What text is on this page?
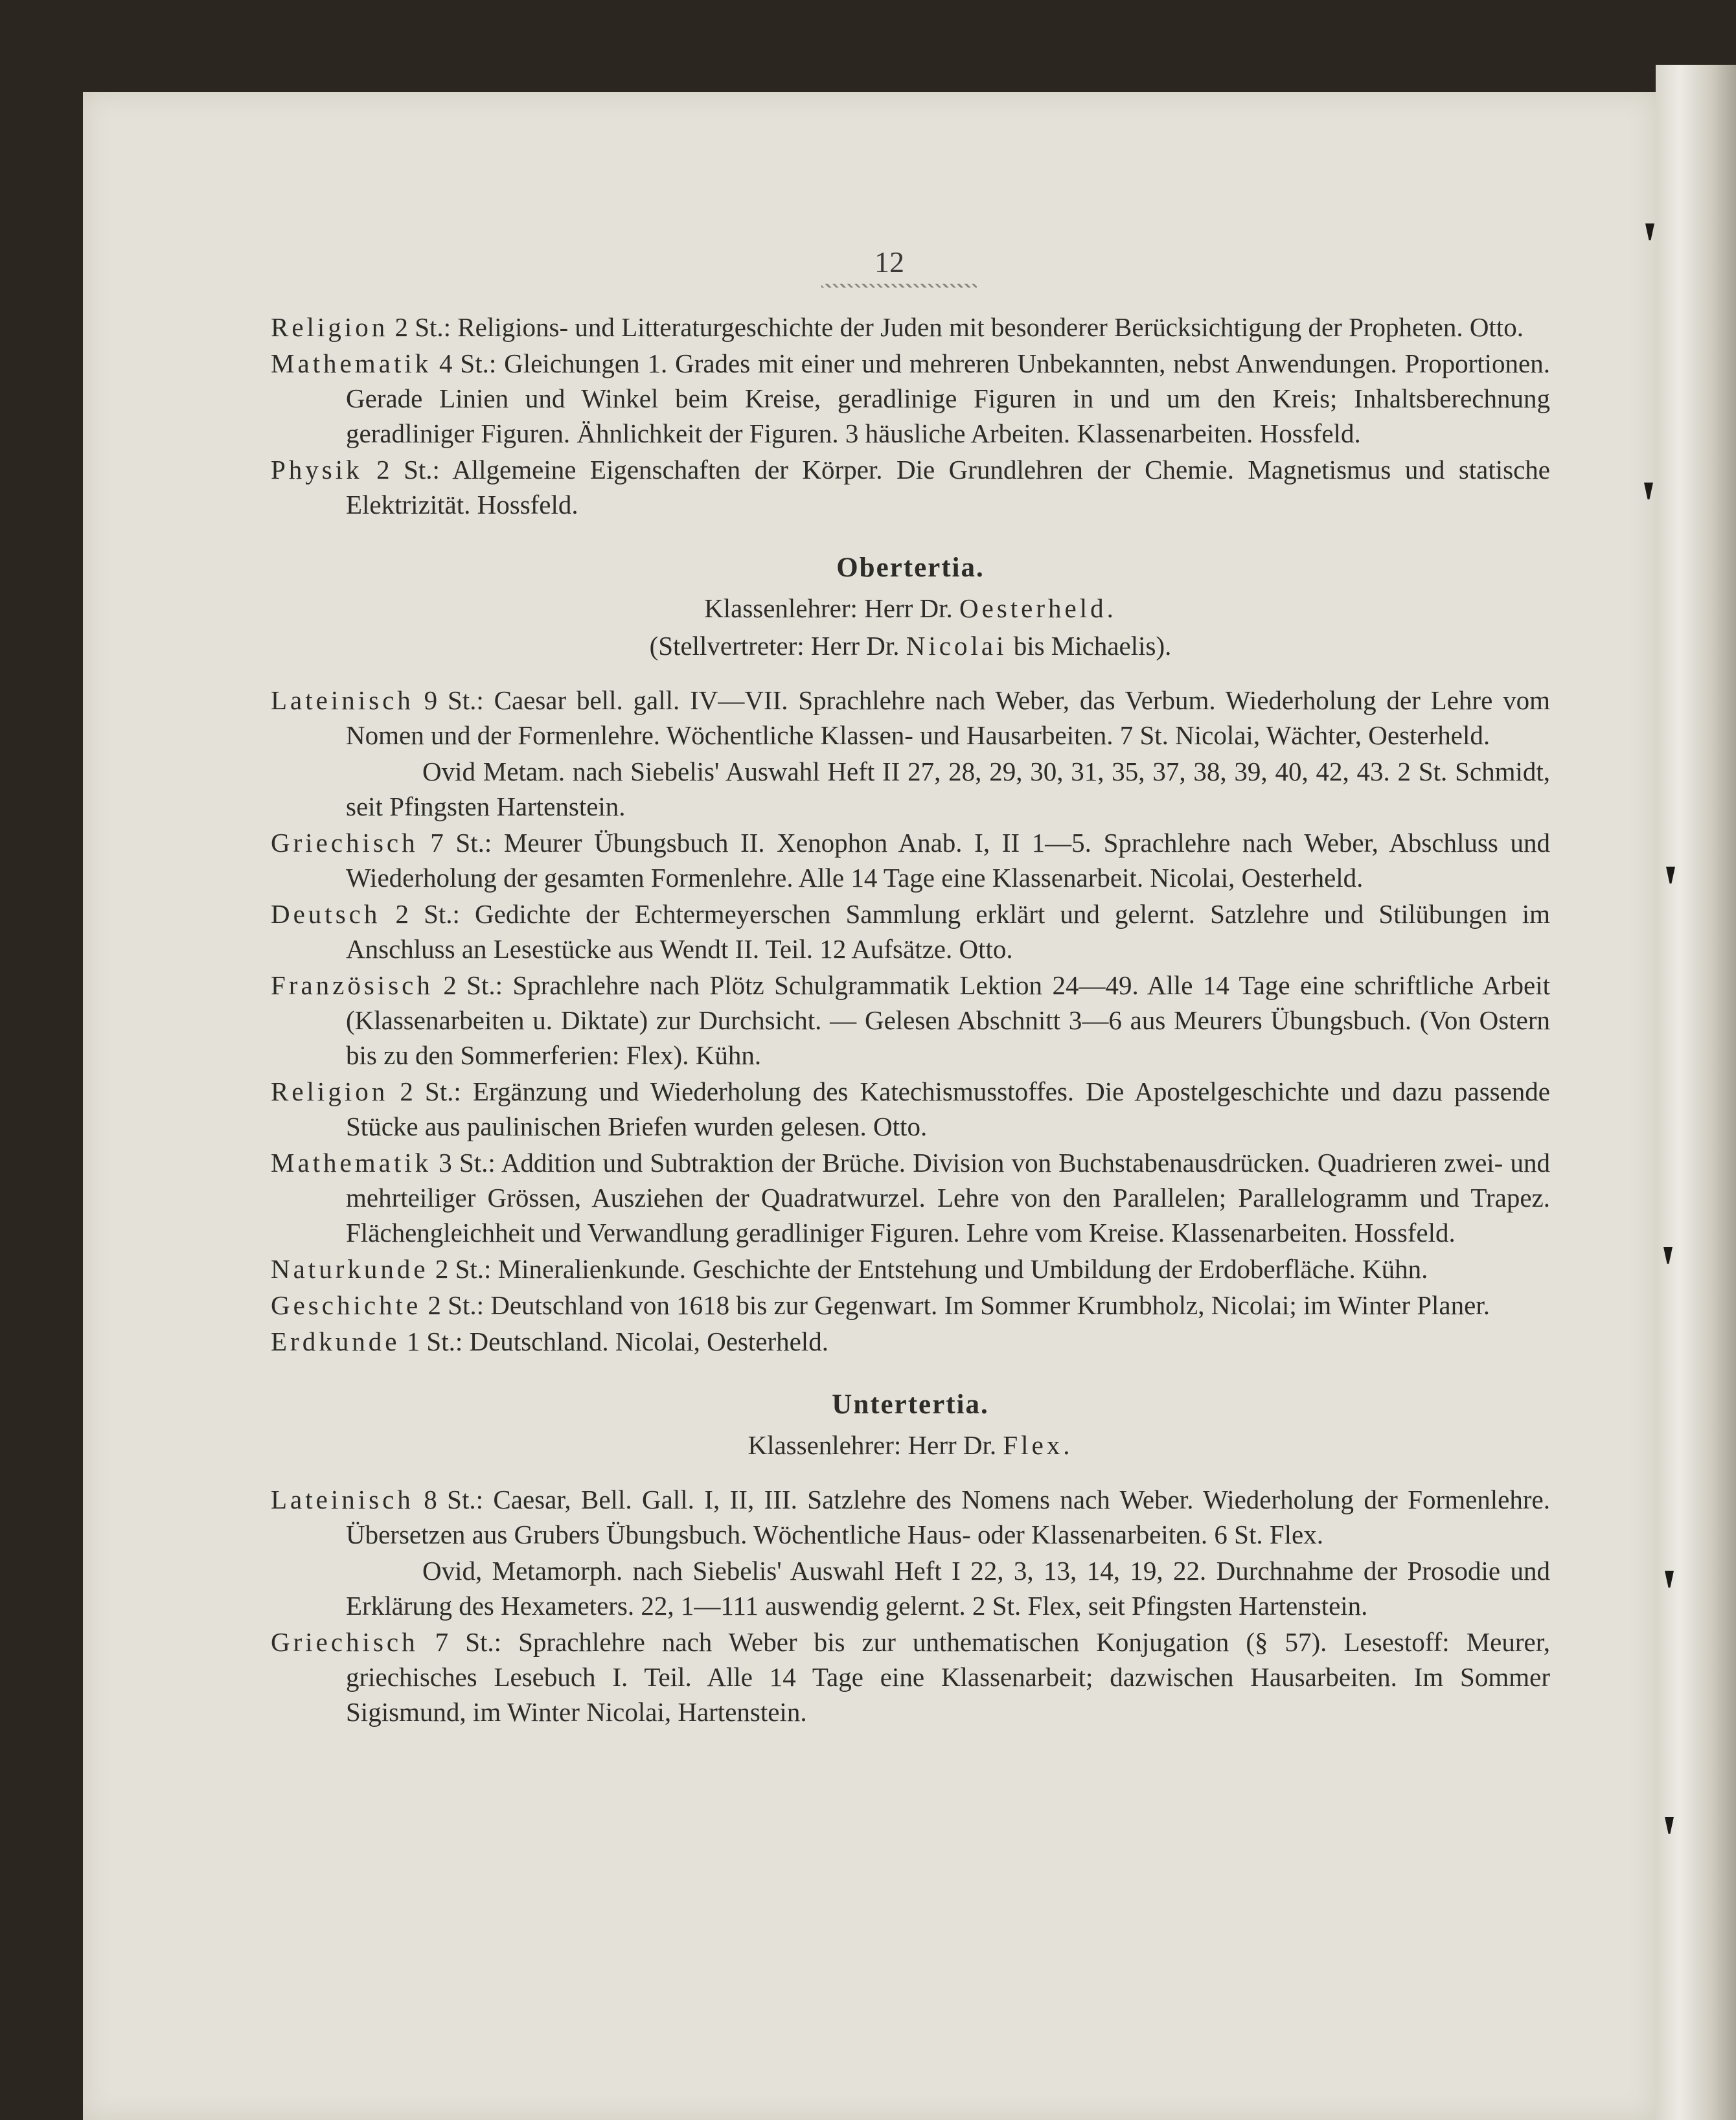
12

Religion 2 St.: Religions- und Litteraturgeschichte der Juden mit besonderer Berücksichtigung der Propheten. Otto.

Mathematik 4 St.: Gleichungen 1. Grades mit einer und mehreren Unbekannten, nebst Anwendungen. Proportionen. Gerade Linien und Winkel beim Kreise, geradlinige Figuren in und um den Kreis; Inhaltsberechnung geradliniger Figuren. Ähnlichkeit der Figuren. 3 häusliche Arbeiten. Klassenarbeiten. Hossfeld.

Physik 2 St.: Allgemeine Eigenschaften der Körper. Die Grundlehren der Chemie. Magnetismus und statische Elektrizität. Hossfeld.

Obertertia.

Klassenlehrer: Herr Dr. Oesterheld.

(Stellvertreter: Herr Dr. Nicolai bis Michaelis).

Lateinisch 9 St.: Caesar bell. gall. IV—VII. Sprachlehre nach Weber, das Verbum. Wiederholung der Lehre vom Nomen und der Formenlehre. Wöchentliche Klassen- und Hausarbeiten. 7 St. Nicolai, Wächter, Oesterheld.

Ovid Metam. nach Siebelis' Auswahl Heft II 27, 28, 29, 30, 31, 35, 37, 38, 39, 40, 42, 43. 2 St. Schmidt, seit Pfingsten Hartenstein.

Griechisch 7 St.: Meurer Übungsbuch II. Xenophon Anab. I, II 1—5. Sprachlehre nach Weber, Abschluss und Wiederholung der gesamten Formenlehre. Alle 14 Tage eine Klassenarbeit. Nicolai, Oesterheld.

Deutsch 2 St.: Gedichte der Echtermeyerschen Sammlung erklärt und gelernt. Satzlehre und Stilübungen im Anschluss an Lesestücke aus Wendt II. Teil. 12 Aufsätze. Otto.

Französisch 2 St.: Sprachlehre nach Plötz Schulgrammatik Lektion 24—49. Alle 14 Tage eine schriftliche Arbeit (Klassenarbeiten u. Diktate) zur Durchsicht. — Gelesen Abschnitt 3—6 aus Meurers Übungsbuch. (Von Ostern bis zu den Sommerferien: Flex). Kühn.

Religion 2 St.: Ergänzung und Wiederholung des Katechismusstoffes. Die Apostelgeschichte und dazu passende Stücke aus paulinischen Briefen wurden gelesen. Otto.

Mathematik 3 St.: Addition und Subtraktion der Brüche. Division von Buchstabenausdrücken. Quadrieren zwei- und mehrteiliger Grössen, Ausziehen der Quadratwurzel. Lehre von den Parallelen; Parallelogramm und Trapez. Flächengleichheit und Verwandlung geradliniger Figuren. Lehre vom Kreise. Klassenarbeiten. Hossfeld.

Naturkunde 2 St.: Mineralienkunde. Geschichte der Entstehung und Umbildung der Erdoberfläche. Kühn.

Geschichte 2 St.: Deutschland von 1618 bis zur Gegenwart. Im Sommer Krumbholz, Nicolai; im Winter Planer.

Erdkunde 1 St.: Deutschland. Nicolai, Oesterheld.

Untertertia.

Klassenlehrer: Herr Dr. Flex.

Lateinisch 8 St.: Caesar, Bell. Gall. I, II, III. Satzlehre des Nomens nach Weber. Wiederholung der Formenlehre. Übersetzen aus Grubers Übungsbuch. Wöchentliche Haus- oder Klassenarbeiten. 6 St. Flex.

Ovid, Metamorph. nach Siebelis' Auswahl Heft I 22, 3, 13, 14, 19, 22. Durchnahme der Prosodie und Erklärung des Hexameters. 22, 1—111 auswendig gelernt. 2 St. Flex, seit Pfingsten Hartenstein.

Griechisch 7 St.: Sprachlehre nach Weber bis zur unthematischen Konjugation (§ 57). Lesestoff: Meurer, griechisches Lesebuch I. Teil. Alle 14 Tage eine Klassenarbeit; dazwischen Hausarbeiten. Im Sommer Sigismund, im Winter Nicolai, Hartenstein.
